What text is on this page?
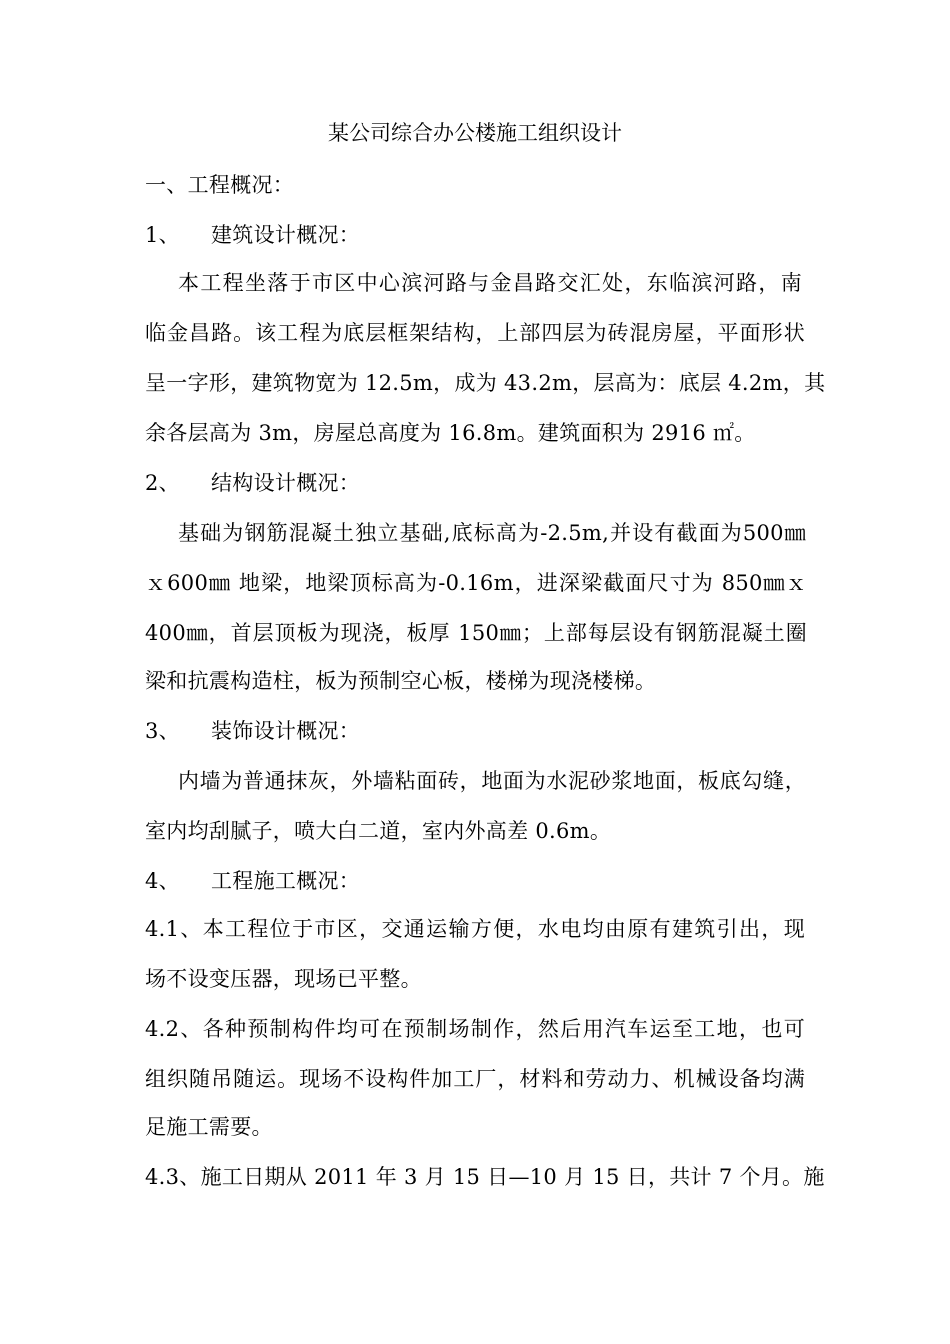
某公司综合办公楼施工组织设计
一、工程概况：
1、 建筑设计概况：
本工程坐落于市区中心滨河路与金昌路交汇处，东临滨河路，南
临金昌路。该工程为底层框架结构，上部四层为砖混房屋，平面形状
呈一字形，建筑物宽为 12.5m，成为 43.2m，层高为：底层 4.2m，其
余各层高为 3m，房屋总高度为 16.8m。建筑面积为 2916 ㎡。
2、 结构设计概况：
基础为钢筋混凝土独立基础,底标高为-2.5m,并设有截面为500㎜
ｘ600㎜ 地梁，地梁顶标高为-0.16m，进深梁截面尺寸为 850㎜ｘ
400㎜，首层顶板为现浇，板厚 150㎜；上部每层设有钢筋混凝土圈
梁和抗震构造柱，板为预制空心板，楼梯为现浇楼梯。
3、 装饰设计概况：
内墙为普通抹灰，外墙粘面砖，地面为水泥砂浆地面，板底勾缝，
室内均刮腻子，喷大白二道，室内外高差 0.6m。
4、 工程施工概况：
4.1、本工程位于市区，交通运输方便，水电均由原有建筑引出，现
场不设变压器，现场已平整。
4.2、各种预制构件均可在预制场制作，然后用汽车运至工地，也可
组织随吊随运。现场不设构件加工厂，材料和劳动力、机械设备均满
足施工需要。
4.3、施工日期从 2011 年 3 月 15 日—10 月 15 日，共计 7 个月。施
